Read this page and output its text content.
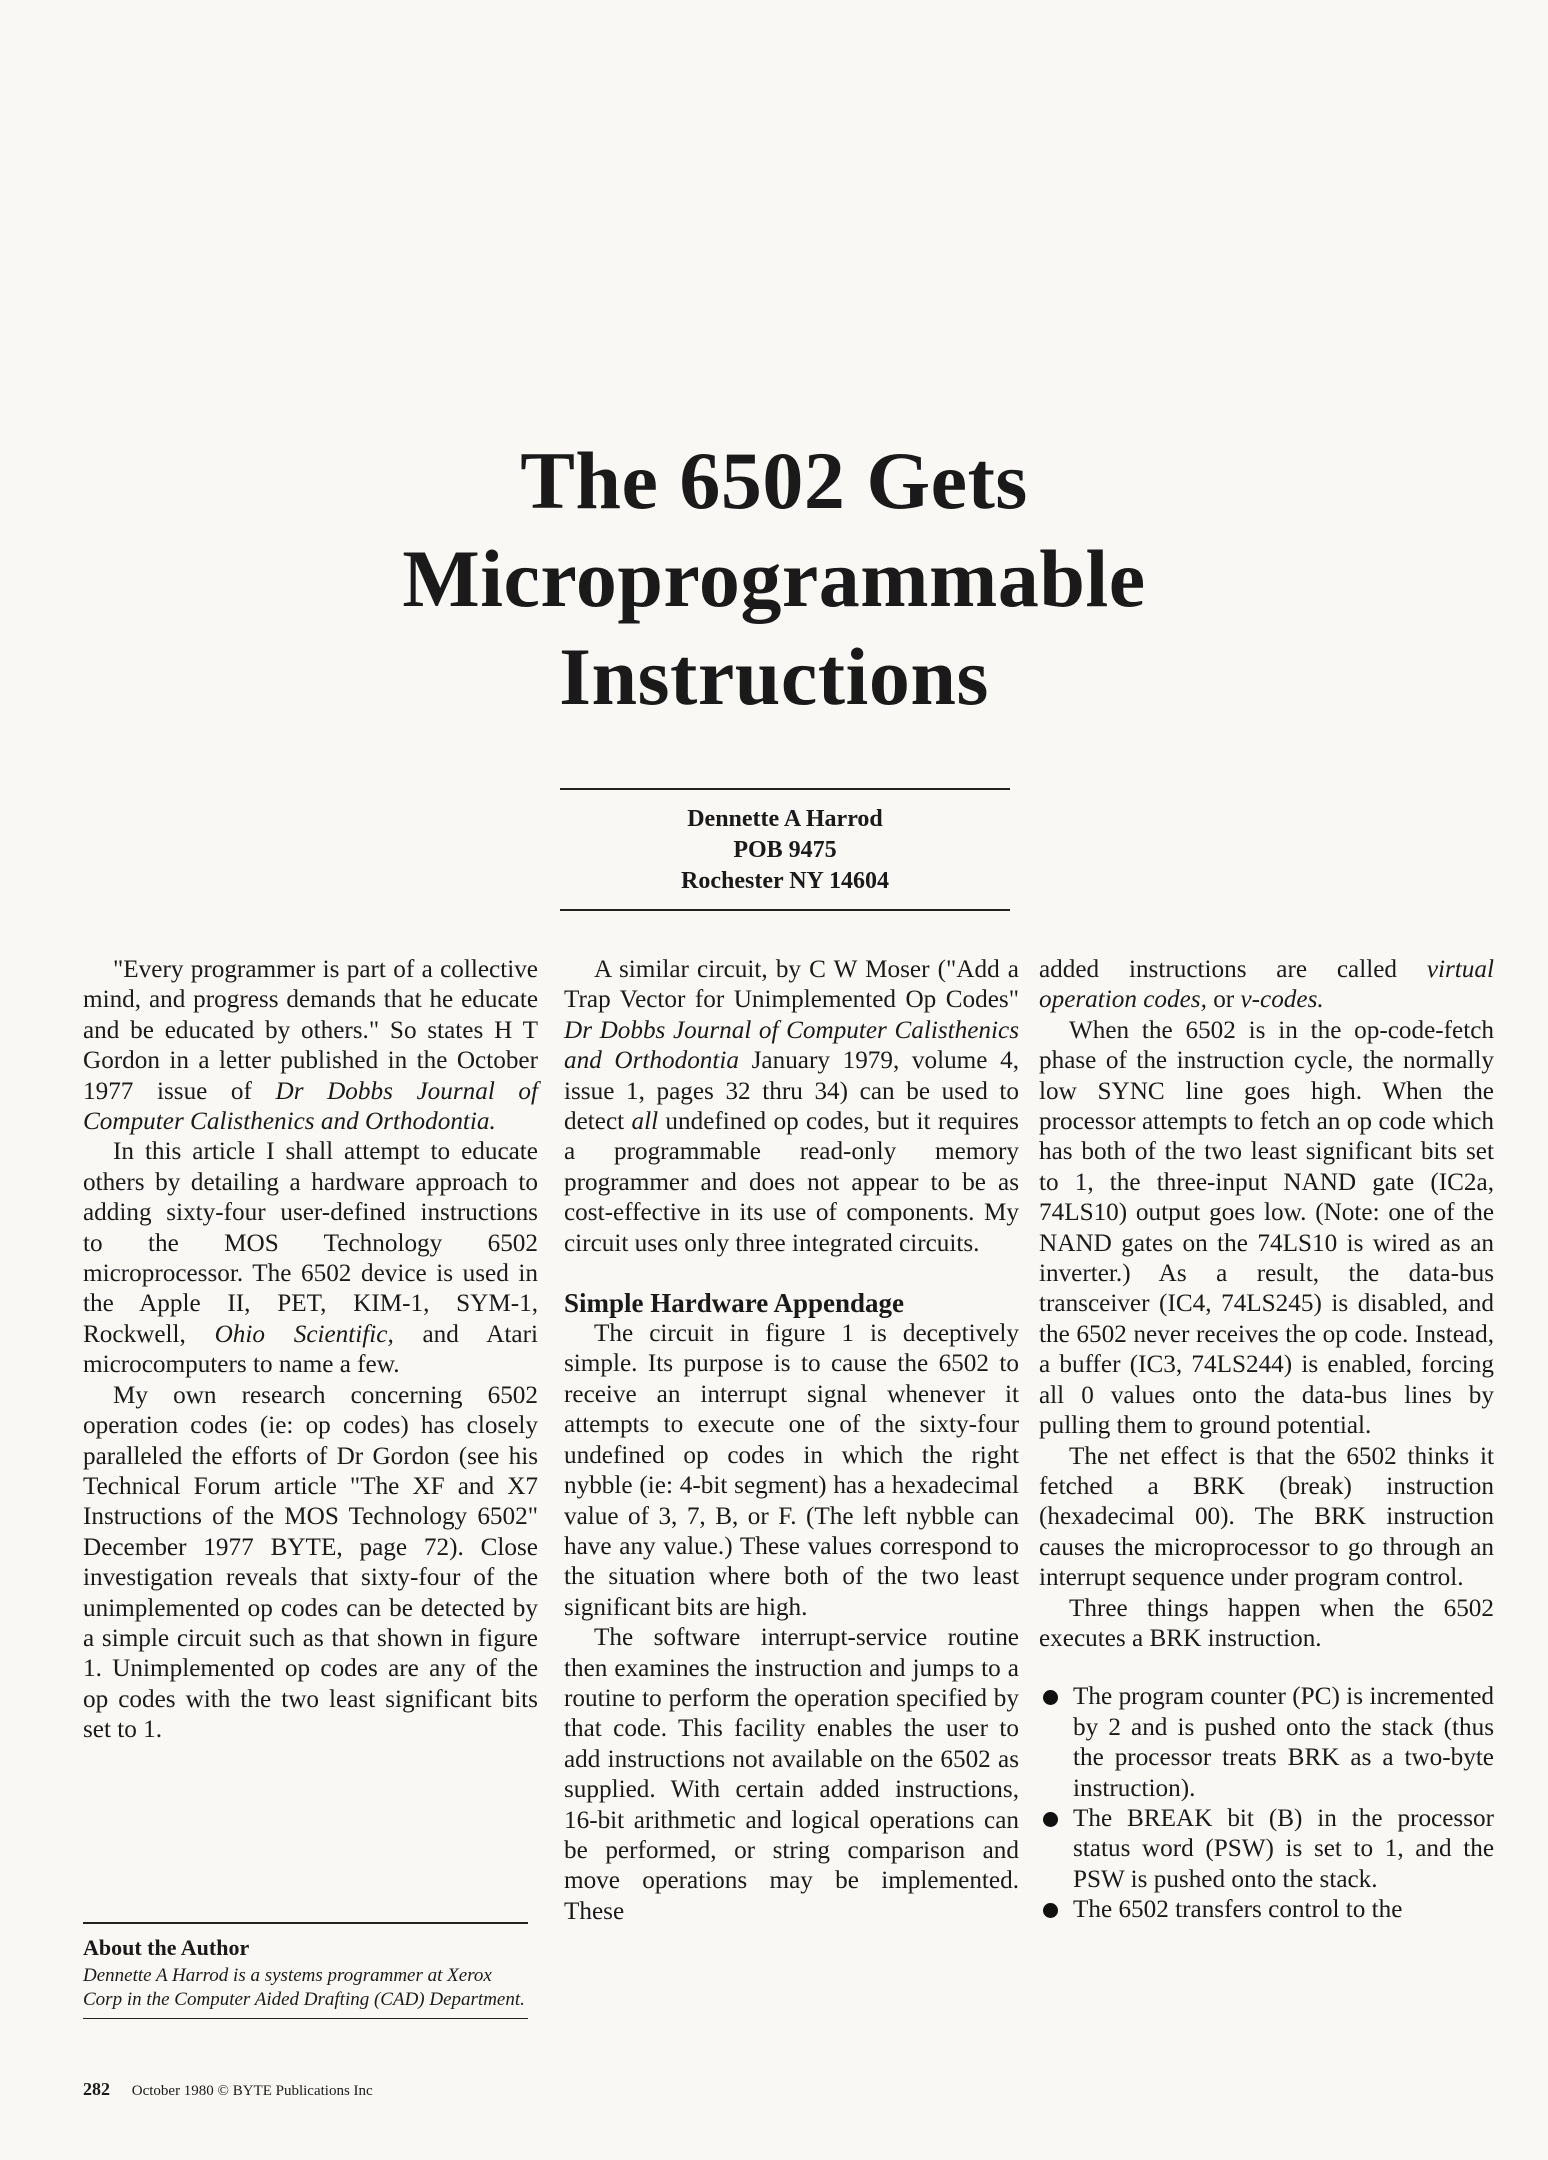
The 6502 Gets
Microprogrammable
Instructions
Dennette A Harrod
POB 9475
Rochester NY 14604

"Every programmer is part of a collective mind, and progress demands that he educate and be educated by others." So states H T Gordon in a letter published in the October 1977 issue of Dr Dobbs Journal of Computer Calisthenics and Orthodontia.

In this article I shall attempt to educate others by detailing a hardware approach to adding sixty-four user-defined instructions to the MOS Technology 6502 microprocessor. The 6502 device is used in the Apple II, PET, KIM-1, SYM-1, Rockwell, Ohio Scientific, and Atari microcomputers to name a few.

My own research concerning 6502 operation codes (ie: op codes) has closely paralleled the efforts of Dr Gordon (see his Technical Forum article "The XF and X7 Instructions of the MOS Technology 6502" December 1977 BYTE, page 72). Close investigation reveals that sixty-four of the unimplemented op codes can be detected by a simple circuit such as that shown in figure 1. Unimplemented op codes are any of the op codes with the two least significant bits set to 1.

About the Author

Dennette A Harrod is a systems programmer at Xerox Corp in the Computer Aided Drafting (CAD) Department.

A similar circuit, by C W Moser ("Add a Trap Vector for Unimplemented Op Codes" Dr Dobbs Journal of Computer Calisthenics and Orthodontia January 1979, volume 4, issue 1, pages 32 thru 34) can be used to detect all undefined op codes, but it requires a programmable read-only memory programmer and does not appear to be as cost-effective in its use of components. My circuit uses only three integrated circuits.

Simple Hardware Appendage

The circuit in figure 1 is deceptively simple. Its purpose is to cause the 6502 to receive an interrupt signal whenever it attempts to execute one of the sixty-four undefined op codes in which the right nybble (ie: 4-bit segment) has a hexadecimal value of 3, 7, B, or F. (The left nybble can have any value.) These values correspond to the situation where both of the two least significant bits are high.

The software interrupt-service routine then examines the instruction and jumps to a routine to perform the operation specified by that code. This facility enables the user to add instructions not available on the 6502 as supplied. With certain added instructions, 16-bit arithmetic and logical operations can be performed, or string comparison and move operations may be implemented. These

added instructions are called virtual operation codes, or v-codes.

When the 6502 is in the op-code-fetch phase of the instruction cycle, the normally low SYNC line goes high. When the processor attempts to fetch an op code which has both of the two least significant bits set to 1, the three-input NAND gate (IC2a, 74LS10) output goes low. (Note: one of the NAND gates on the 74LS10 is wired as an inverter.) As a result, the data-bus transceiver (IC4, 74LS245) is disabled, and the 6502 never receives the op code. Instead, a buffer (IC3, 74LS244) is enabled, forcing all 0 values onto the data-bus lines by pulling them to ground potential.

The net effect is that the 6502 thinks it fetched a BRK (break) instruction (hexadecimal 00). The BRK instruction causes the microprocessor to go through an interrupt sequence under program control.

Three things happen when the 6502 executes a BRK instruction.

The program counter (PC) is incremented by 2 and is pushed onto the stack (thus the processor treats BRK as a two-byte instruction).
The BREAK bit (B) in the processor status word (PSW) is set to 1, and the PSW is pushed onto the stack.
The 6502 transfers control to the
282 October 1980 © BYTE Publications Inc
